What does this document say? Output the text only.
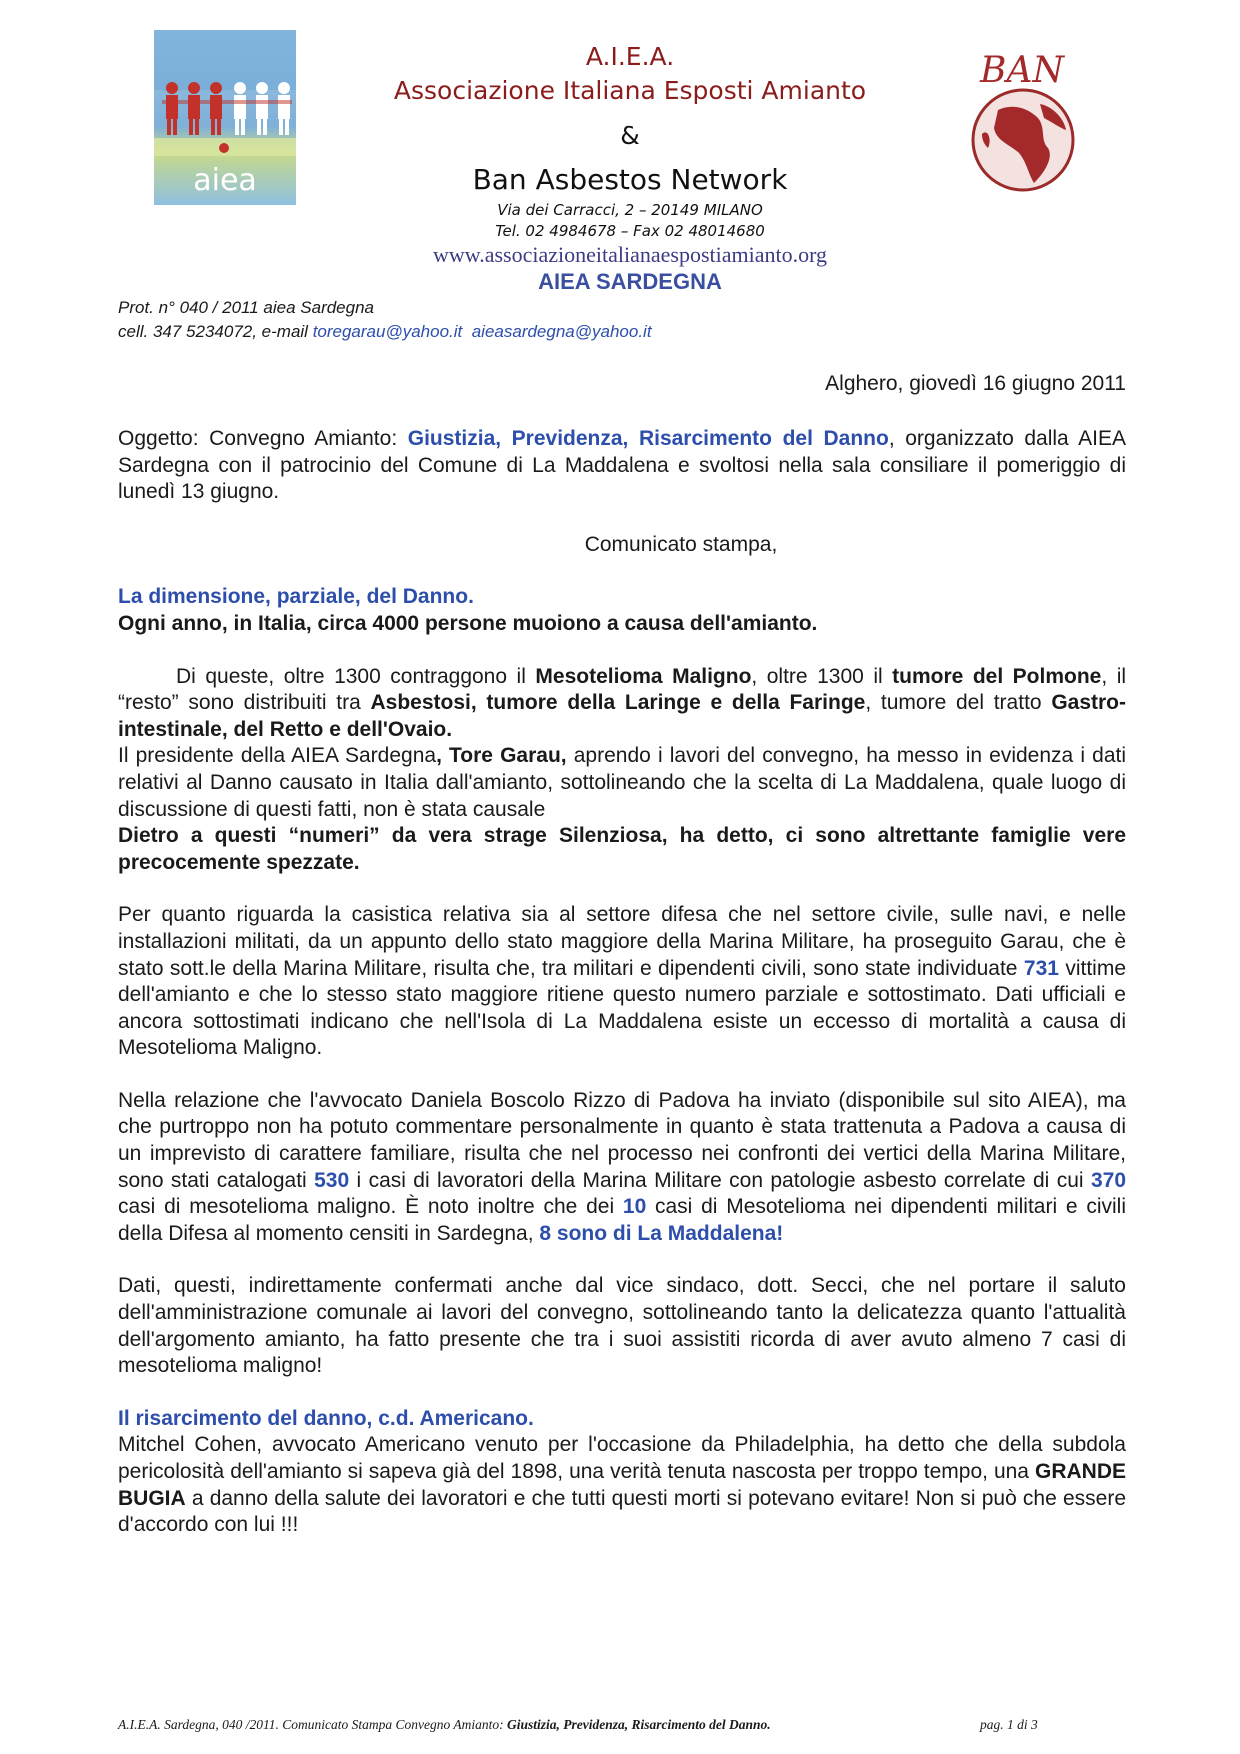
aiea
A.I.E.A.
Associazione Italiana Esposti Amianto
&
Ban Asbestos Network
Via dei Carracci, 2 – 20149 MILANO
Tel. 02 4984678 – Fax 02 48014680
www.associazioneitalianaespostiamianto.org
AIEA SARDEGNA
BAN
Prot. n° 040 / 2011 aiea Sardegna
cell. 347 5234072, e-mail toregarau@yahoo.it aieasardegna@yahoo.it
Alghero, giovedì 16 giugno 2011

Oggetto: Convegno Amianto: Giustizia, Previdenza, Risarcimento del Danno, organizzato dalla AIEA Sardegna con il patrocinio del Comune di La Maddalena e svoltosi nella sala consiliare il pomeriggio di lunedì 13 giugno.

Comunicato stampa,

La dimensione, parziale, del Danno.

Ogni anno, in Italia, circa 4000 persone muoiono a causa dell'amianto.

Di queste, oltre 1300 contraggono il Mesotelioma Maligno, oltre 1300 il tumore del Polmone, il “resto” sono distribuiti tra Asbestosi, tumore della Laringe e della Faringe, tumore del tratto Gastro-intestinale, del Retto e dell'Ovaio.

Il presidente della AIEA Sardegna, Tore Garau, aprendo i lavori del convegno, ha messo in evidenza i dati relativi al Danno causato in Italia dall'amianto, sottolineando che la scelta di La Maddalena, quale luogo di discussione di questi fatti, non è stata causale

Dietro a questi “numeri” da vera strage Silenziosa, ha detto, ci sono altrettante famiglie vere precocemente spezzate.

Per quanto riguarda la casistica relativa sia al settore difesa che nel settore civile, sulle navi, e nelle installazioni militati, da un appunto dello stato maggiore della Marina Militare, ha proseguito Garau, che è stato sott.le della Marina Militare, risulta che, tra militari e dipendenti civili, sono state individuate 731 vittime dell'amianto e che lo stesso stato maggiore ritiene questo numero parziale e sottostimato. Dati ufficiali e ancora sottostimati indicano che nell'Isola di La Maddalena esiste un eccesso di mortalità a causa di Mesotelioma Maligno.

Nella relazione che l'avvocato Daniela Boscolo Rizzo di Padova ha inviato (disponibile sul sito AIEA), ma che purtroppo non ha potuto commentare personalmente in quanto è stata trattenuta a Padova a causa di un imprevisto di carattere familiare, risulta che nel processo nei confronti dei vertici della Marina Militare, sono stati catalogati 530 i casi di lavoratori della Marina Militare con patologie asbesto correlate di cui 370 casi di mesotelioma maligno. È noto inoltre che dei 10 casi di Mesotelioma nei dipendenti militari e civili della Difesa al momento censiti in Sardegna, 8 sono di La Maddalena!

Dati, questi, indirettamente confermati anche dal vice sindaco, dott. Secci, che nel portare il saluto dell'amministrazione comunale ai lavori del convegno, sottolineando tanto la delicatezza quanto l'attualità dell'argomento amianto, ha fatto presente che tra i suoi assistiti ricorda di aver avuto almeno 7 casi di mesotelioma maligno!

Il risarcimento del danno, c.d. Americano.

Mitchel Cohen, avvocato Americano venuto per l'occasione da Philadelphia, ha detto che della subdola pericolosità dell'amianto si sapeva già del 1898, una verità tenuta nascosta per troppo tempo, una GRANDE BUGIA a danno della salute dei lavoratori e che tutti questi morti si potevano evitare! Non si può che essere d'accordo con lui !!!

A.I.E.A. Sardegna, 040 /2011. Comunicato Stampa Convegno Amianto: Giustizia, Previdenza, Risarcimento del Danno.	pag. 1 di 3
